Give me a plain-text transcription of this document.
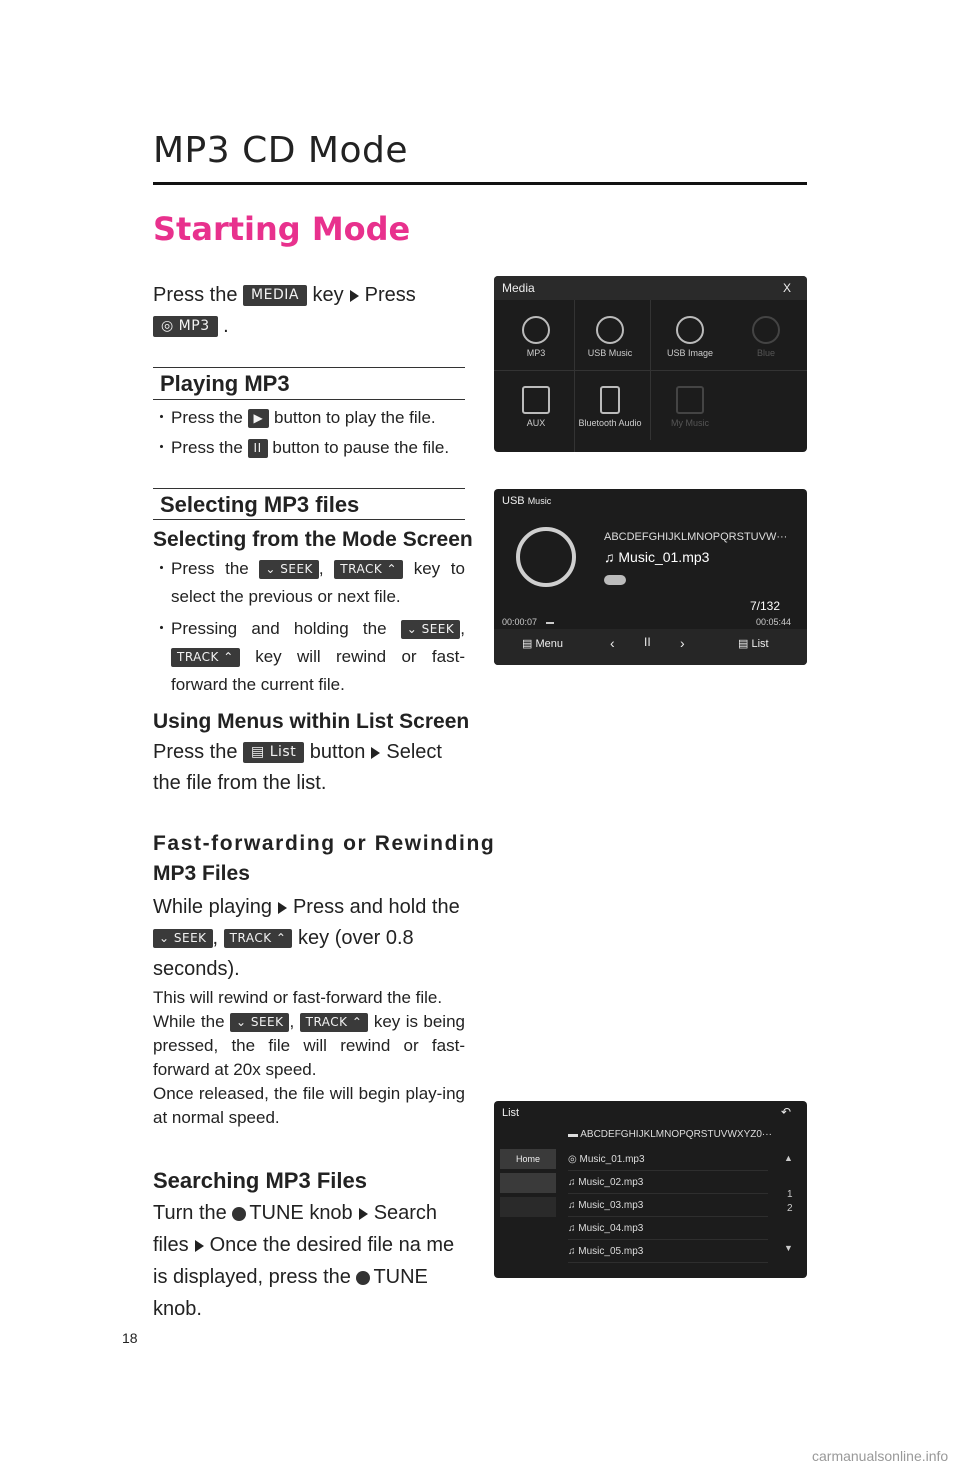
MP3 CD Mode
Starting Mode
Press the MEDIA key Press
◎ MP3 .
Playing MP3
・ Press the ▶ button to play the file.
・ Press the II button to pause the file.
Selecting MP3 files
Selecting from the Mode Screen
・ Press the ⌄ SEEK , TRACK ⌃ key to select the previous or next file.
・ Pressing and holding the ⌄ SEEK , TRACK ⌃ key will rewind or fast-forward the current file.
Using Menus within List Screen
Press the ▤ List button Select the file from the list.
Fast-forwarding or Rewinding
MP3 Files
While playing Press and hold the
⌄ SEEK , TRACK ⌃ key (over 0.8 seconds).
This will rewind or fast-forward the file.
While the ⌄ SEEK , TRACK ⌃ key is being pressed, the file will rewind or fast-forward at 20x speed.
Once released, the file will begin play-ing at normal speed.
Searching MP3 Files
Turn the TUNE knob Search files Once the desired file na me is displayed, press the TUNE knob.
Media	X
MP3	USB Music	USB Image	Blue
AUX	Bluetooth Audio	My Music
USB Music
ABCDEFGHIJKLMNOPQRSTUVW···
♫ Music_01.mp3
7/132
00:00:07	00:05:44
▤ Menu	‹ II ›	▤ List
List	↶
▬ ABCDEFGHIJKLMNOPQRSTUVWXYZ0···
Home	◎ Music_01.mp3
♫ Music_02.mp3
♫ Music_03.mp3
♫ Music_04.mp3
♫ Music_05.mp3
▲
1
2
▼
18
carmanualsonline.info
